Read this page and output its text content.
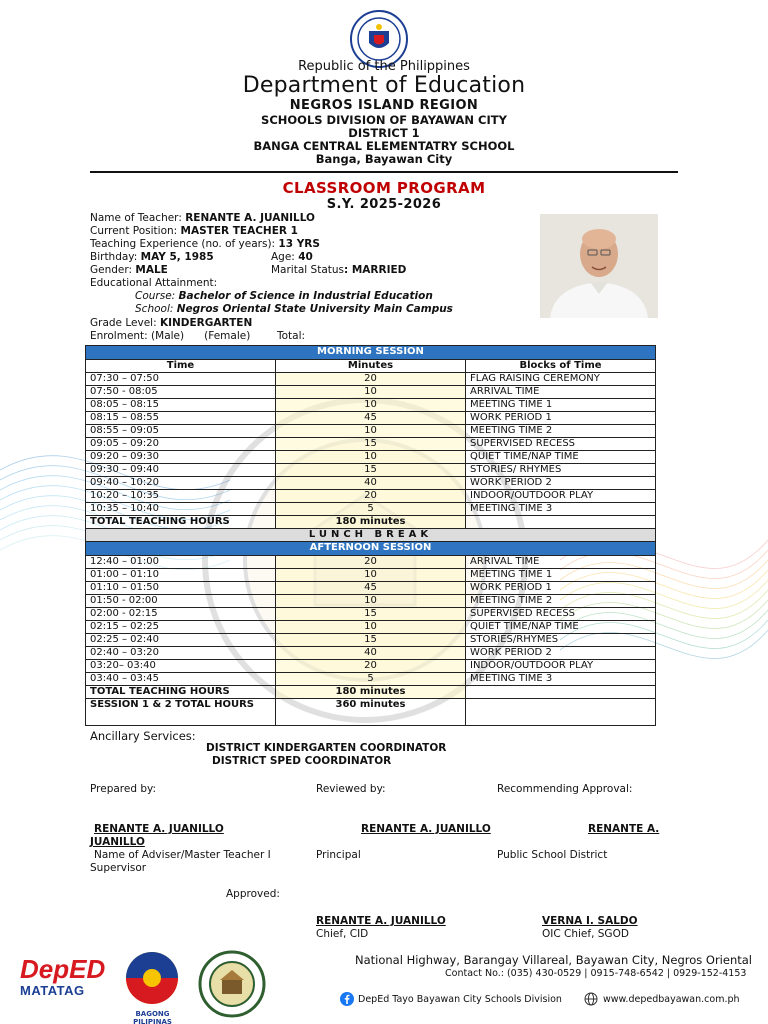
Republic of the Philippines
Department of Education
NEGROS ISLAND REGION
SCHOOLS DIVISION OF BAYAWAN CITY
DISTRICT 1
BANGA CENTRAL ELEMENTATRY SCHOOL
Banga, Bayawan City
CLASSROOM PROGRAM
S.Y. 2025-2026
Name of Teacher: RENANTE A. JUANILLO
Current Position: MASTER TEACHER 1
Teaching Experience (no. of years): 13 YRS
Birthday: MAY 5, 1985	Age: 40
Gender: MALE	Marital Status: MARRIED
Educational Attainment:
Course: Bachelor of Science in Industrial Education
School: Negros Oriental State University Main Campus
Grade Level: KINDERGARTEN
Enrolment: (Male)      (Female)        Total:
MORNING SESSION		
Time	Minutes	Blocks of Time
07:30 – 07:50	20	FLAG RAISING CEREMONY
07:50 - 08:05	10	ARRIVAL TIME
08:05 – 08:15	10	MEETING TIME 1
08:15 – 08:55	45	WORK PERIOD 1
08:55 – 09:05	10	MEETING TIME 2
09:05 – 09:20	15	SUPERVISED RECESS
09:20 – 09:30	10	QUIET TIME/NAP TIME
09:30 – 09:40	15	STORIES/ RHYMES
09:40 – 10:20	40	WORK PERIOD 2
10:20 – 10:35	20	INDOOR/OUTDOOR PLAY
10:35 – 10:40	5	MEETING TIME 3
TOTAL TEACHING HOURS	180 minutes	
LUNCH BREAK		
AFTERNOON SESSION		
12:40 – 01:00	20	ARRIVAL TIME
01:00 – 01:10	10	MEETING TIME 1
01:10 – 01:50	45	WORK PERIOD 1
01:50 - 02:00	10	MEETING TIME 2
02:00 - 02:15	15	SUPERVISED RECESS
02:15 – 02:25	10	QUIET TIME/NAP TIME
02:25 – 02:40	15	STORIES/RHYMES
02:40 – 03:20	40	WORK PERIOD 2
03:20– 03:40	20	INDOOR/OUTDOOR PLAY
03:40 – 03:45	5	MEETING TIME 3
TOTAL TEACHING HOURS	180 minutes	
SESSION 1 & 2 TOTAL HOURS	360 minutes	
Ancillary Services:
DISTRICT KINDERGARTEN COORDINATOR
DISTRICT SPED COORDINATOR
Prepared by:	Reviewed by:	Recommending Approval:
RENANTE A. JUANILLO	RENANTE A. JUANILLO	RENANTE A.
JUANILLO
Name of Adviser/Master Teacher I	Principal	Public School District
Supervisor
Approved:
RENANTE A. JUANILLO	VERNA I. SALDO
Chief, CID	OIC Chief, SGOD
DepED
MATATAG
BAGONG PILIPINAS
National Highway, Barangay Villareal, Bayawan City, Negros Oriental
Contact No.: (035) 430-0529 | 0915-748-6542 | 0929-152-4153
DepEd Tayo Bayawan City Schools Division	www.depedbayawan.com.ph
